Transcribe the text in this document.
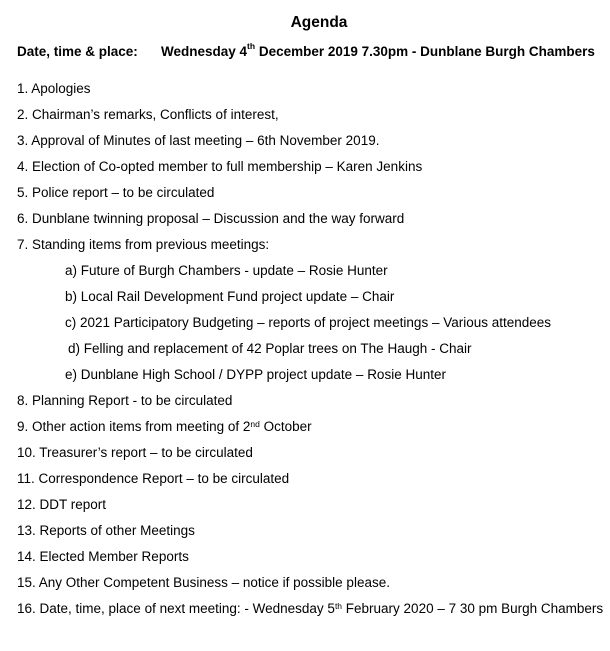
Agenda
Date, time & place: Wednesday 4th December 2019 7.30pm - Dunblane Burgh Chambers
1. Apologies
2. Chairman’s remarks, Conflicts of interest,
3. Approval of Minutes of last meeting – 6th November 2019.
4. Election of Co-opted member to full membership – Karen Jenkins
5. Police report – to be circulated
6. Dunblane twinning proposal – Discussion and the way forward
7. Standing items from previous meetings:
a) Future of Burgh Chambers - update – Rosie Hunter
b) Local Rail Development Fund project update – Chair
c) 2021 Participatory Budgeting – reports of project meetings – Various attendees
d) Felling and replacement of 42 Poplar trees on The Haugh - Chair
e) Dunblane High School / DYPP project update – Rosie Hunter
8. Planning Report - to be circulated
9. Other action items from meeting of 2nd October
10. Treasurer’s report – to be circulated
11. Correspondence Report – to be circulated
12. DDT report
13. Reports of other Meetings
14. Elected Member Reports
15. Any Other Competent Business – notice if possible please.
16. Date, time, place of next meeting: - Wednesday 5th February 2020 – 7 30 pm Burgh Chambers
